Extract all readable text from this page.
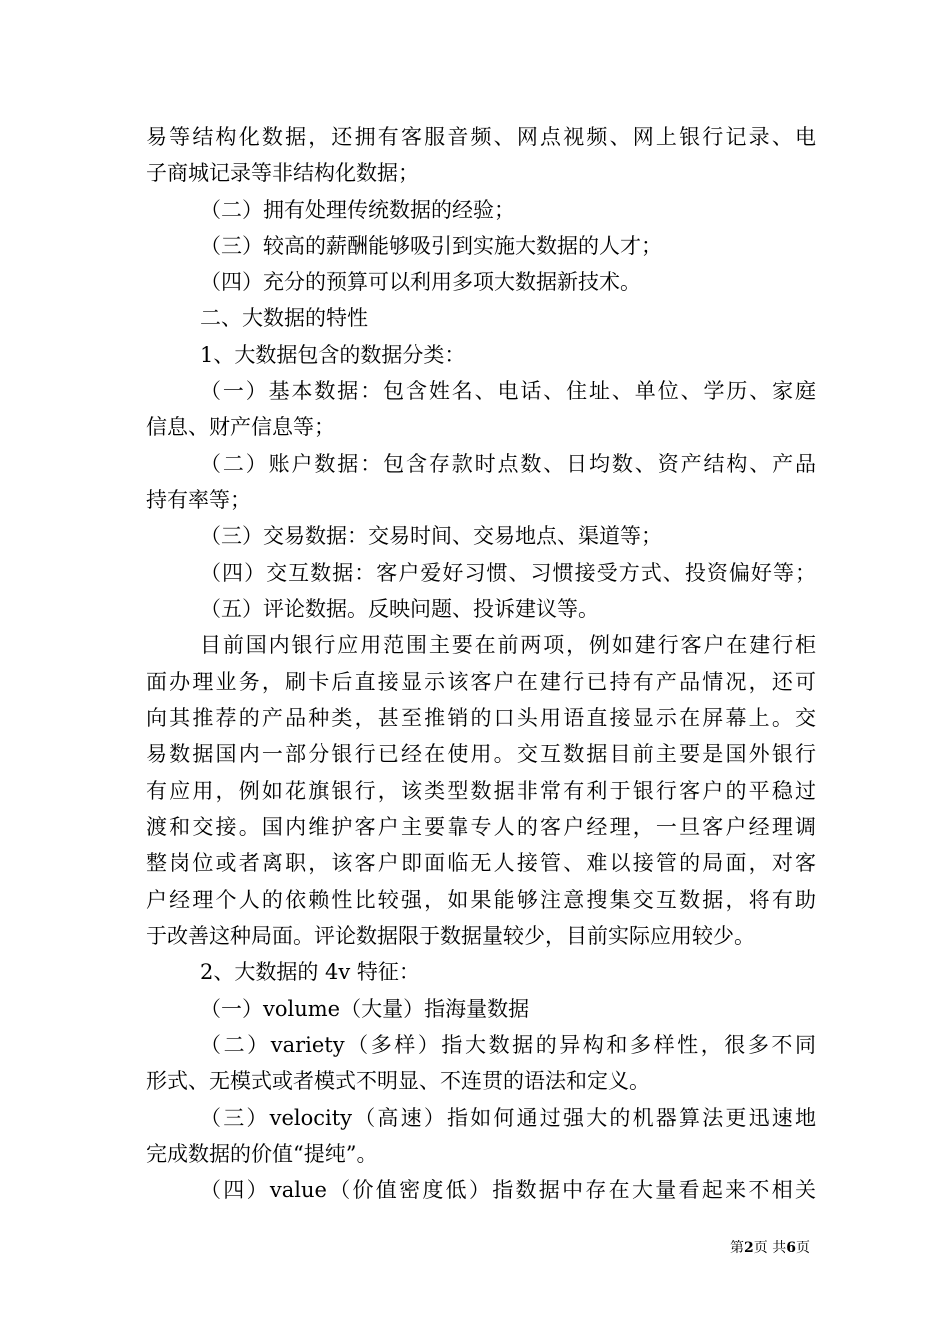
易等结构化数据，还拥有客服音频、网点视频、网上银行记录、电
子商城记录等非结构化数据；
（二）拥有处理传统数据的经验；
（三）较高的薪酬能够吸引到实施大数据的人才；
（四）充分的预算可以利用多项大数据新技术。
二、大数据的特性
1、大数据包含的数据分类：
（一）基本数据：包含姓名、电话、住址、单位、学历、家庭
信息、财产信息等；
（二）账户数据：包含存款时点数、日均数、资产结构、产品
持有率等；
（三）交易数据：交易时间、交易地点、渠道等；
（四）交互数据：客户爱好习惯、习惯接受方式、投资偏好等；
（五）评论数据。反映问题、投诉建议等。
目前国内银行应用范围主要在前两项，例如建行客户在建行柜
面办理业务，刷卡后直接显示该客户在建行已持有产品情况，还可
向其推荐的产品种类，甚至推销的口头用语直接显示在屏幕上。交
易数据国内一部分银行已经在使用。交互数据目前主要是国外银行
有应用，例如花旗银行，该类型数据非常有利于银行客户的平稳过
渡和交接。国内维护客户主要靠专人的客户经理，一旦客户经理调
整岗位或者离职，该客户即面临无人接管、难以接管的局面，对客
户经理个人的依赖性比较强，如果能够注意搜集交互数据，将有助
于改善这种局面。评论数据限于数据量较少，目前实际应用较少。
2、大数据的 4v 特征：
（一）volume（大量）指海量数据
（二）variety（多样）指大数据的异构和多样性，很多不同
形式、无模式或者模式不明显、不连贯的语法和定义。
（三）velocity（高速）指如何通过强大的机器算法更迅速地
完成数据的价值“提纯”。
（四）value（价值密度低）指数据中存在大量看起来不相关
第2页 共6页
